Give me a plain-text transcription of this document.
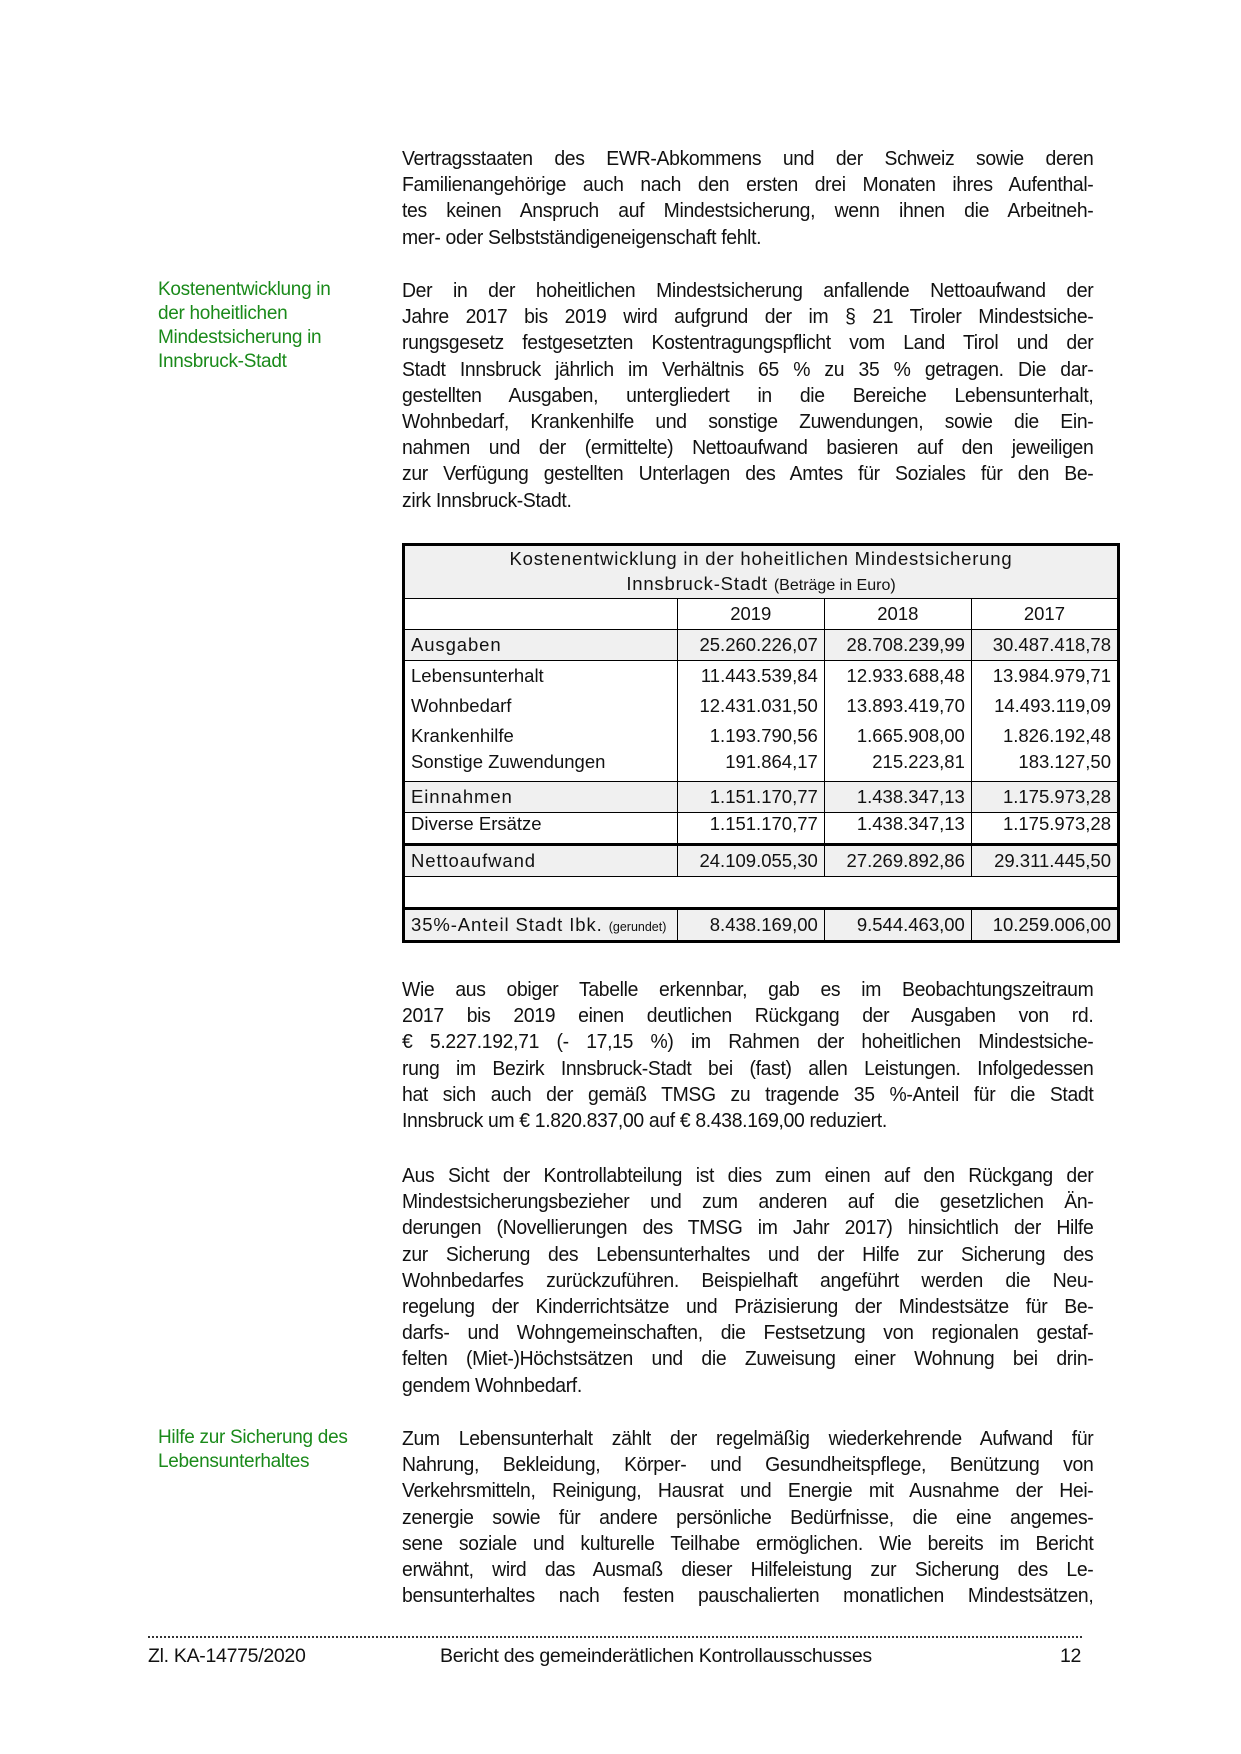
Vertragsstaaten des EWR-Abkommens und der Schweiz sowie deren
Familienangehörige auch nach den ersten drei Monaten ihres Aufenthal-
tes keinen Anspruch auf Mindestsicherung, wenn ihnen die Arbeitneh-
mer- oder Selbstständigeneigenschaft fehlt.
Kostenentwicklung in
der hoheitlichen
Mindestsicherung in
Innsbruck-Stadt
Der in der hoheitlichen Mindestsicherung anfallende Nettoaufwand der
Jahre 2017 bis 2019 wird aufgrund der im § 21 Tiroler Mindestsiche-
rungsgesetz festgesetzten Kostentragungspflicht vom Land Tirol und der
Stadt Innsbruck jährlich im Verhältnis 65 % zu 35 % getragen. Die dar-
gestellten Ausgaben, untergliedert in die Bereiche Lebensunterhalt,
Wohnbedarf, Krankenhilfe und sonstige Zuwendungen, sowie die Ein-
nahmen und der (ermittelte) Nettoaufwand basieren auf den jeweiligen
zur Verfügung gestellten Unterlagen des Amtes für Soziales für den Be-
zirk Innsbruck-Stadt.
Kostenentwicklung in der hoheitlichen Mindestsicherung
Innsbruck-Stadt (Beträge in Euro)			
	2019	2018	2017
Ausgaben	25.260.226,07	28.708.239,99	30.487.418,78
Lebensunterhalt	11.443.539,84	12.933.688,48	13.984.979,71
Wohnbedarf	12.431.031,50	13.893.419,70	14.493.119,09
Krankenhilfe	1.193.790,56	1.665.908,00	1.826.192,48
Sonstige Zuwendungen	191.864,17	215.223,81	183.127,50
Einnahmen	1.151.170,77	1.438.347,13	1.175.973,28
Diverse Ersätze	1.151.170,77	1.438.347,13	1.175.973,28
Nettoaufwand	24.109.055,30	27.269.892,86	29.311.445,50

35%-Anteil Stadt Ibk. (gerundet)	8.438.169,00	9.544.463,00	10.259.006,00
Wie aus obiger Tabelle erkennbar, gab es im Beobachtungszeitraum
2017 bis 2019 einen deutlichen Rückgang der Ausgaben von rd.
€ 5.227.192,71 (- 17,15 %) im Rahmen der hoheitlichen Mindestsiche-
rung im Bezirk Innsbruck-Stadt bei (fast) allen Leistungen. Infolgedessen
hat sich auch der gemäß TMSG zu tragende 35 %-Anteil für die Stadt
Innsbruck um € 1.820.837,00 auf € 8.438.169,00 reduziert.
Aus Sicht der Kontrollabteilung ist dies zum einen auf den Rückgang der
Mindestsicherungsbezieher und zum anderen auf die gesetzlichen Än-
derungen (Novellierungen des TMSG im Jahr 2017) hinsichtlich der Hilfe
zur Sicherung des Lebensunterhaltes und der Hilfe zur Sicherung des
Wohnbedarfes zurückzuführen. Beispielhaft angeführt werden die Neu-
regelung der Kinderrichtsätze und Präzisierung der Mindestsätze für Be-
darfs- und Wohngemeinschaften, die Festsetzung von regionalen gestaf-
felten (Miet-)Höchstsätzen und die Zuweisung einer Wohnung bei drin-
gendem Wohnbedarf.
Hilfe zur Sicherung des
Lebensunterhaltes
Zum Lebensunterhalt zählt der regelmäßig wiederkehrende Aufwand für
Nahrung, Bekleidung, Körper- und Gesundheitspflege, Benützung von
Verkehrsmitteln, Reinigung, Hausrat und Energie mit Ausnahme der Hei-
zenergie sowie für andere persönliche Bedürfnisse, die eine angemes-
sene soziale und kulturelle Teilhabe ermöglichen. Wie bereits im Bericht
erwähnt, wird das Ausmaß dieser Hilfeleistung zur Sicherung des Le-
bensunterhaltes nach festen pauschalierten monatlichen Mindestsätzen,
Zl. KA-14775/2020	Bericht des gemeinderätlichen Kontrollausschusses	12
